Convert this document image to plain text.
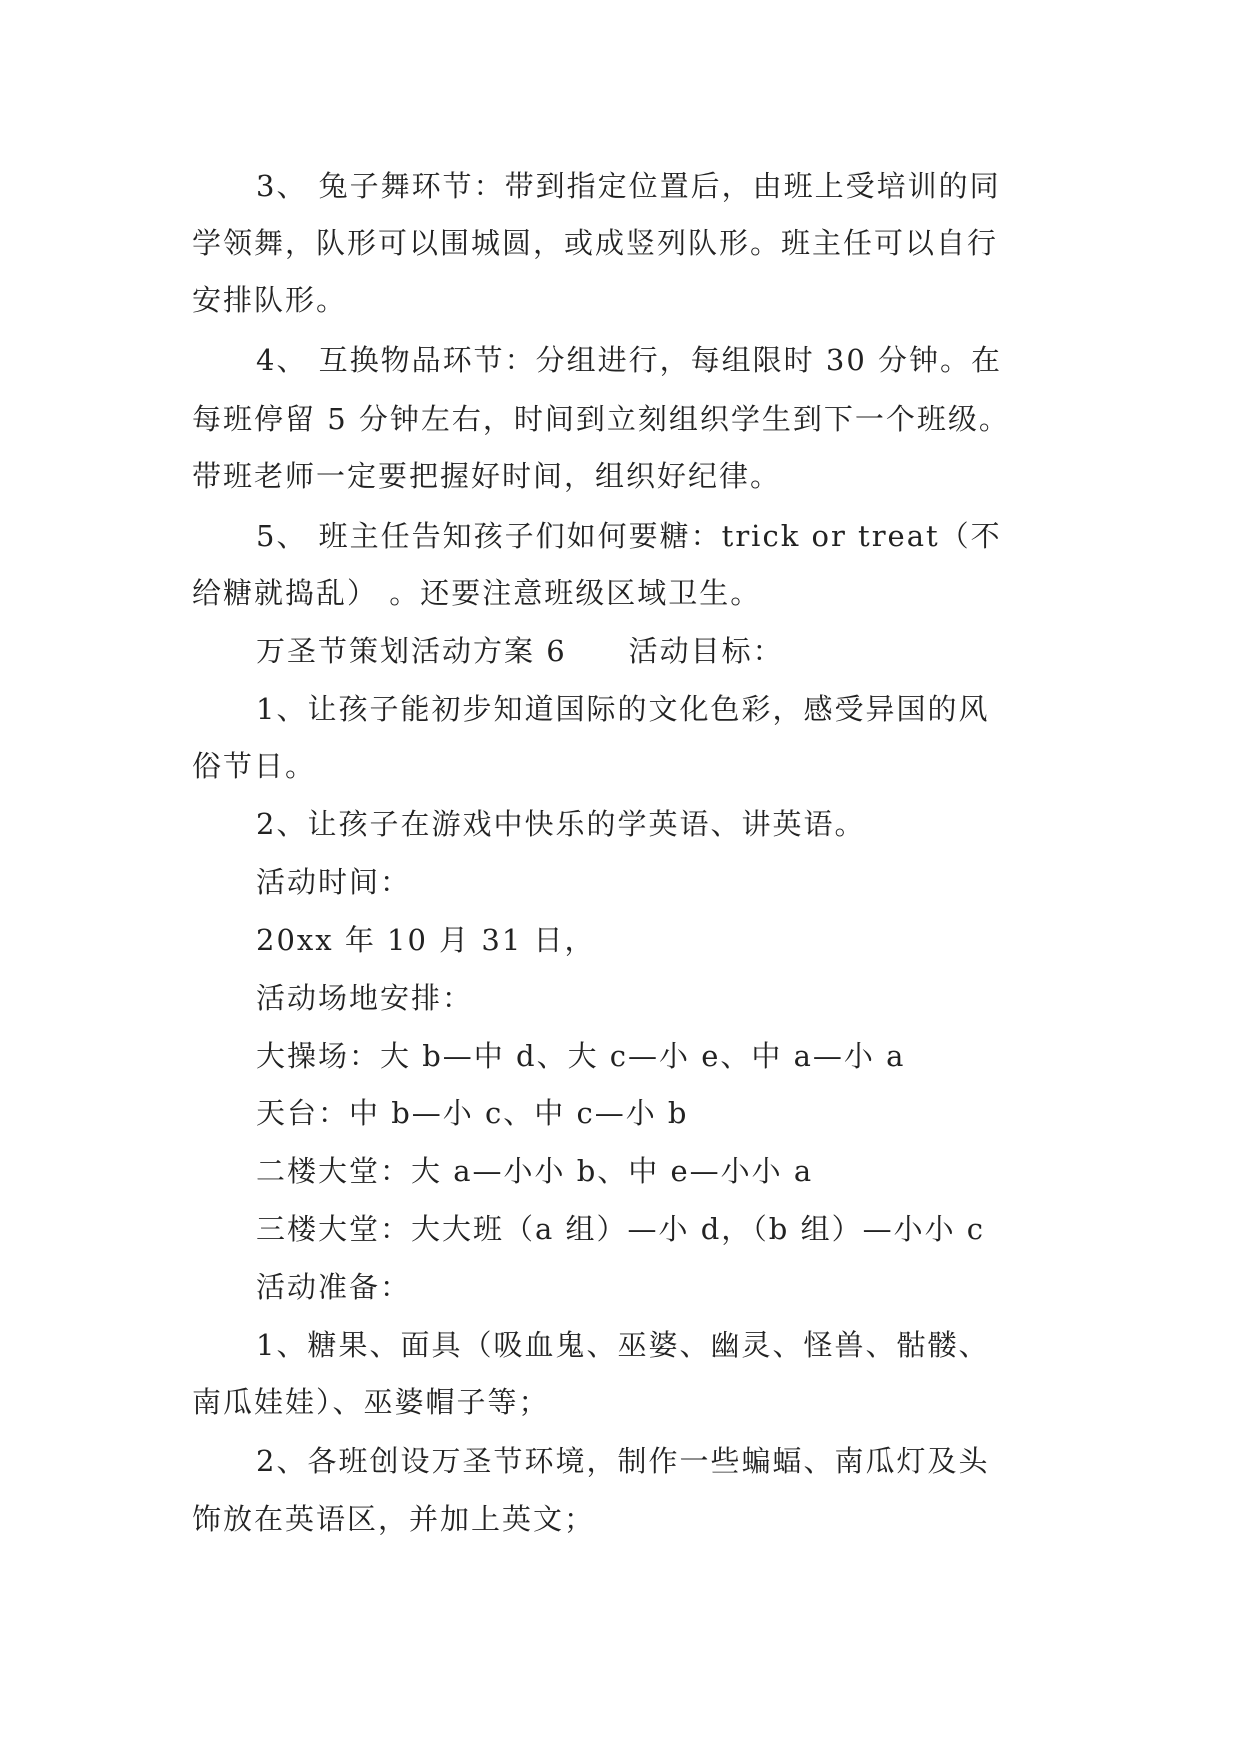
3、 兔子舞环节：带到指定位置后，由班上受培训的同
学领舞，队形可以围城圆，或成竖列队形。班主任可以自行
安排队形。
4、 互换物品环节：分组进行，每组限时 30 分钟。在
每班停留 5 分钟左右，时间到立刻组织学生到下一个班级。
带班老师一定要把握好时间，组织好纪律。
5、 班主任告知孩子们如何要糖：trick or treat（不
给糖就捣乱） 。还要注意班级区域卫生。
万圣节策划活动方案 6　　活动目标：
1、让孩子能初步知道国际的文化色彩，感受异国的风
俗节日。
2、让孩子在游戏中快乐的学英语、讲英语。
活动时间：
20xx 年 10 月 31 日，
活动场地安排：
大操场：大 b—中 d、大 c—小 e、中 a—小 a
天台：中 b—小 c、中 c—小 b
二楼大堂：大 a—小小 b、中 e—小小 a
三楼大堂：大大班（a 组）—小 d，（b 组）—小小 c
活动准备：
1、糖果、面具（吸血鬼、巫婆、幽灵、怪兽、骷髅、
南瓜娃娃）、巫婆帽子等；
2、各班创设万圣节环境，制作一些蝙蝠、南瓜灯及头
饰放在英语区，并加上英文；
